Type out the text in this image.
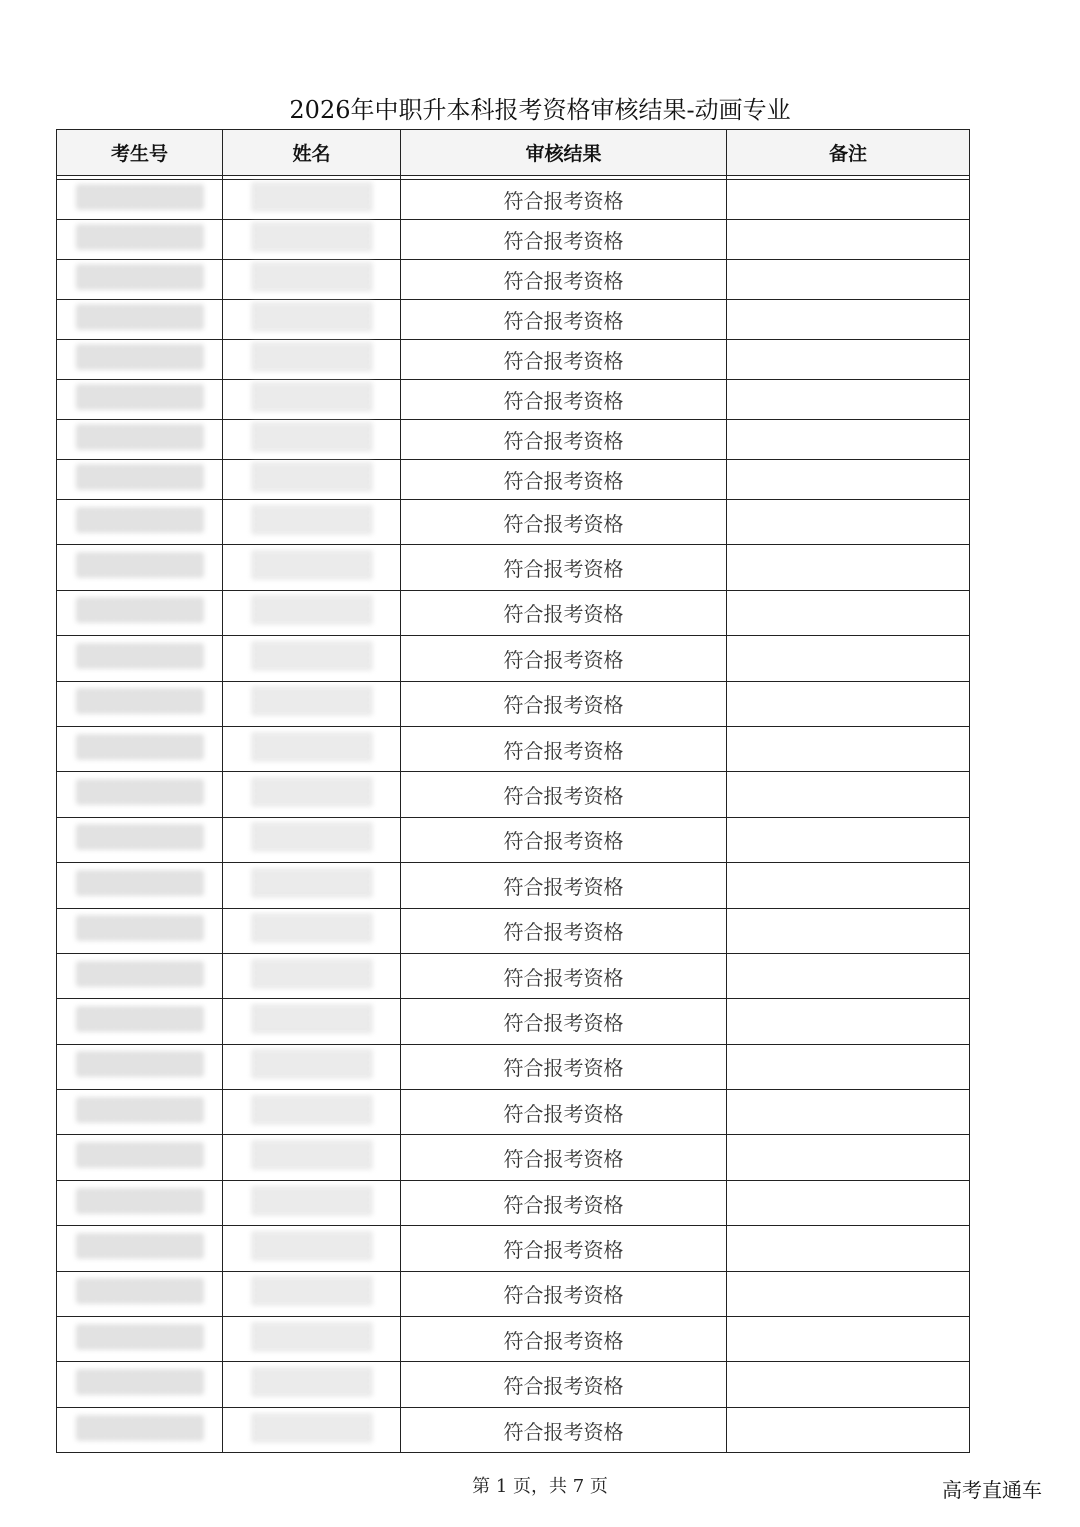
2026年中职升本科报考资格审核结果-动画专业
考生号	姓名	审核结果	备注

		符合报考资格	
		符合报考资格	
		符合报考资格	
		符合报考资格	
		符合报考资格	
		符合报考资格	
		符合报考资格	
		符合报考资格	
		符合报考资格	
		符合报考资格	
		符合报考资格	
		符合报考资格	
		符合报考资格	
		符合报考资格	
		符合报考资格	
		符合报考资格	
		符合报考资格	
		符合报考资格	
		符合报考资格	
		符合报考资格	
		符合报考资格	
		符合报考资格	
		符合报考资格	
		符合报考资格	
		符合报考资格	
		符合报考资格	
		符合报考资格	
		符合报考资格	
		符合报考资格	
第 1 页，共 7 页	高考直通车
